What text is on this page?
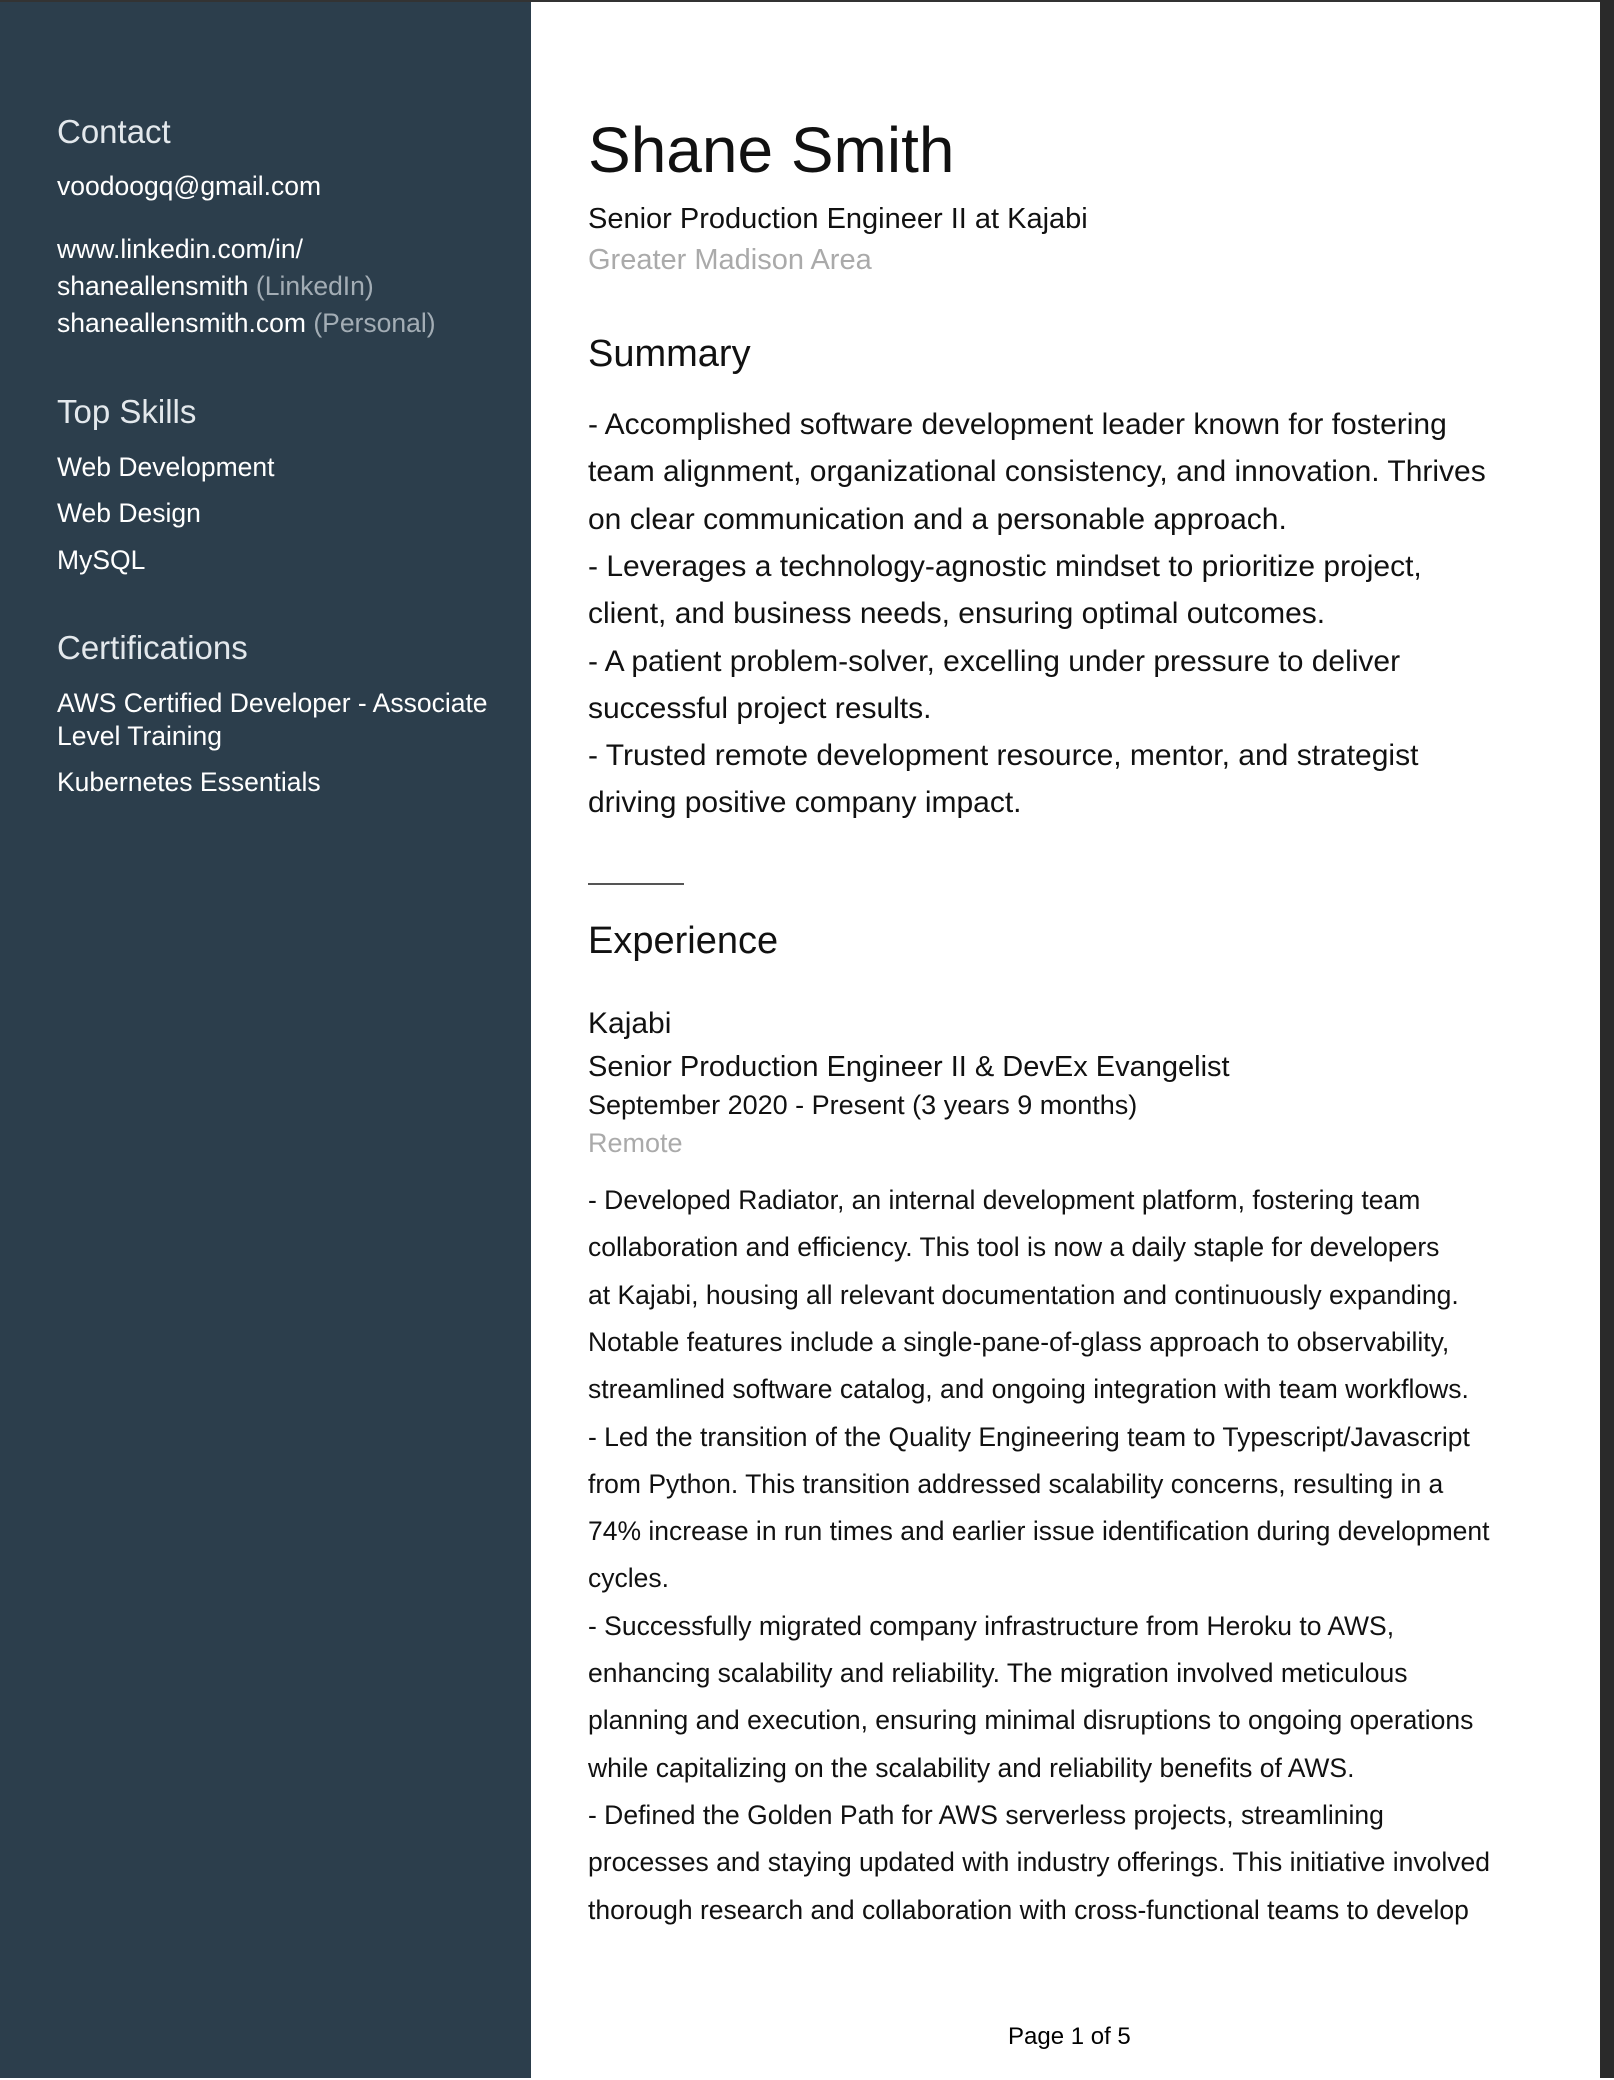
Contact
voodoogq@gmail.com
www.linkedin.com/in/
shaneallensmith (LinkedIn)
shaneallensmith.com (Personal)
Top Skills
Web Development
Web Design
MySQL
Certifications
AWS Certified Developer - Associate
Level Training
Kubernetes Essentials
Shane Smith
Senior Production Engineer II at Kajabi
Greater Madison Area
Summary
- Accomplished software development leader known for fostering
team alignment, organizational consistency, and innovation. Thrives
on clear communication and a personable approach.
- Leverages a technology-agnostic mindset to prioritize project,
client, and business needs, ensuring optimal outcomes.
- A patient problem-solver, excelling under pressure to deliver
successful project results.
- Trusted remote development resource, mentor, and strategist
driving positive company impact.
Experience
Kajabi
Senior Production Engineer II & DevEx Evangelist
September 2020 - Present (3 years 9 months)
Remote
- Developed Radiator, an internal development platform, fostering team
collaboration and efficiency. This tool is now a daily staple for developers
at Kajabi, housing all relevant documentation and continuously expanding.
Notable features include a single-pane-of-glass approach to observability,
streamlined software catalog, and ongoing integration with team workflows.
- Led the transition of the Quality Engineering team to Typescript/Javascript
from Python. This transition addressed scalability concerns, resulting in a
74% increase in run times and earlier issue identification during development
cycles.
- Successfully migrated company infrastructure from Heroku to AWS,
enhancing scalability and reliability. The migration involved meticulous
planning and execution, ensuring minimal disruptions to ongoing operations
while capitalizing on the scalability and reliability benefits of AWS.
- Defined the Golden Path for AWS serverless projects, streamlining
processes and staying updated with industry offerings. This initiative involved
thorough research and collaboration with cross-functional teams to develop
Page 1 of 5
